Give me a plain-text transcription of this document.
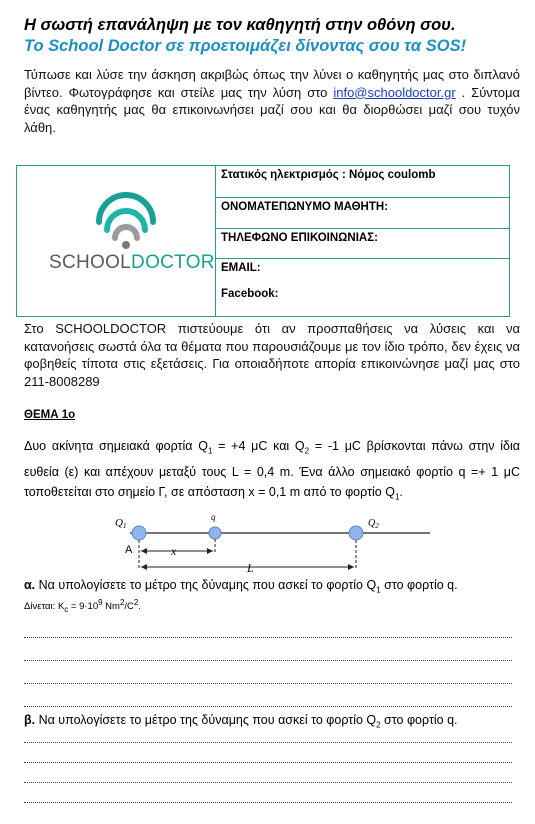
Η σωστή επανάληψη με τον καθηγητή στην οθόνη σου.
Το School Doctor σε προετοιμάζει δίνοντας σου τα SOS!
Τύπωσε και λύσε την άσκηση ακριβώς όπως την λύνει ο καθηγητής μας στο διπλανό βίντεο. Φωτογράφησε και στείλε μας την λύση στο info@schooldoctor.gr . Σύντομα ένας καθηγητής μας θα επικοινωνήσει μαζί σου και θα διορθώσει μαζί σου τυχόν λάθη.
SCHOOLDOCTOR
Στατικός ηλεκτρισμός : Νόμος coulomb
ΟΝΟΜΑΤΕΠΩΝΥΜΟ ΜΑΘΗΤΗ:
ΤΗΛΕΦΩΝΟ ΕΠΙΚΟΙΝΩΝΙΑΣ:
EMAIL:
Facebook:
Στο SCHOOLDOCTOR πιστεύουμε ότι αν προσπαθήσεις να λύσεις και να κατανοήσεις σωστά όλα τα θέματα που παρουσιάζουμε με τον ίδιο τρόπο, δεν έχεις να φοβηθείς τίποτα στις εξετάσεις. Για οποιαδήποτε απορία επικοινώνησε μαζί μας στο 211-8008289
ΘΕΜΑ 1ο
Δυο ακίνητα σημειακά φορτία $Q_1 = +4$ μC και $Q_2 = -1$ μC βρίσκονται πάνω στην ίδια ευθεία (ε) και απέχουν μεταξύ τους L = 0,4 m. Ένα άλλο σημειακό φορτίο q =+ 1 μC τοποθετείται στο σημείο Γ, σε απόσταση x = 0,1 m από το φορτίο $Q_1$.
Q1
q
$Q_2$
A	x
L
α. Να υπολογίσετε το μέτρο της δύναμης που ασκεί το φορτίο $Q_1$ στο φορτίο q.
Δίνεται: $K_c = 9\cdot 10^9$ $Nm^2/C^2$.
β. Να υπολογίσετε το μέτρο της δύναμης που ασκεί το φορτίο $Q_2$ στο φορτίο q.
